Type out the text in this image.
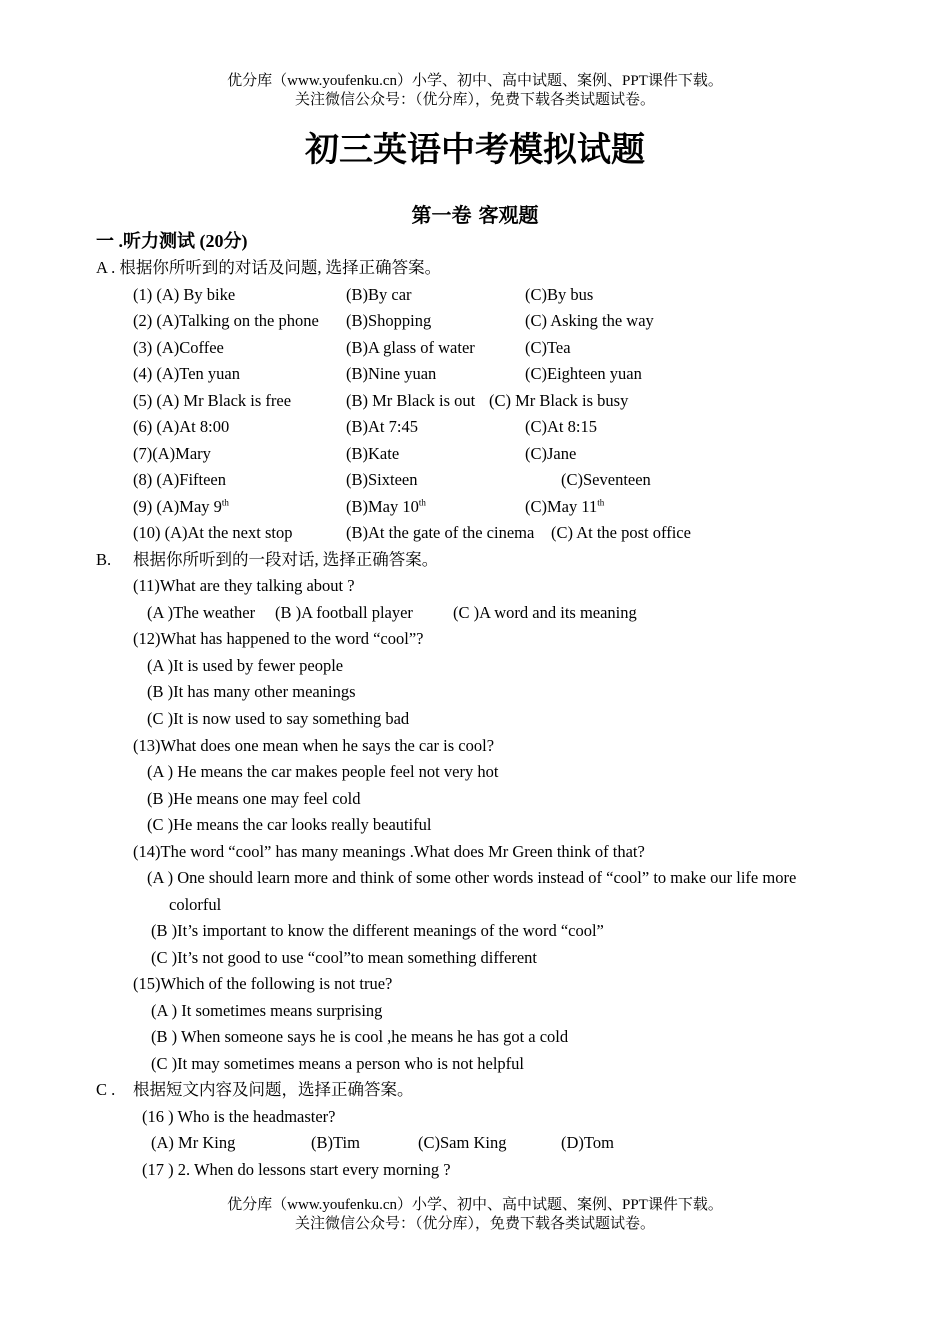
优分库（www.youfenku.cn）小学、初中、高中试题、案例、PPT课件下载。
关注微信公众号：（优分库），免费下载各类试题试卷。
初三英语中考模拟试题
第一卷 客观题
一 .听力测试 (20分)
A . 根据你所听到的对话及问题, 选择正确答案。
(1) (A) By bike	(B)By car	(C)By bus
(2) (A)Talking on the phone (B)Shopping	(C) Asking the way
(3) (A)Coffee	(B)A glass of water	(C)Tea
(4) (A)Ten yuan	(B)Nine yuan	(C)Eighteen yuan
(5) (A) Mr Black is free	(B) Mr Black is out (C) Mr Black is busy
(6) (A)At 8:00	(B)At 7:45	(C)At 8:15
(7)(A)Mary	(B)Kate	(C)Jane
(8) (A)Fifteen	(B)Sixteen	(C)Seventeen
(9) (A)May 9th	(B)May 10th	(C)May 11th
(10) (A)At the next stop	(B)At the gate of the cinema (C) At the post office
B. 根据你所听到的一段对话, 选择正确答案。
(11)What are they talking about ?
(A )The weather (B )A football player (C )A word and its meaning
(12)What has happened to the word “cool”?
(A )It is used by fewer people
(B )It has many other meanings
(C )It is now used to say something bad
(13)What does one mean when he says the car is cool?
(A ) He means the car makes people feel not very hot
(B )He means one may feel cold
(C )He means the car looks really beautiful
(14)The word “cool” has many meanings .What does Mr Green think of that?
(A ) One should learn more and think of some other words instead of “cool” to make our life more
colorful
(B )It’s important to know the different meanings of the word “cool”
(C )It’s not good to use “cool”to mean something different
(15)Which of the following is not true?
(A ) It sometimes means surprising
(B ) When someone says he is cool ,he means he has got a cold
(C )It may sometimes means a person who is not helpful
C . 根据短文内容及问题，选择正确答案。
(16 ) Who is the headmaster?
(A) Mr King	(B)Tim	(C)Sam King	(D)Tom
(17 ) 2. When do lessons start every morning ?
优分库（www.youfenku.cn）小学、初中、高中试题、案例、PPT课件下载。
关注微信公众号：（优分库），免费下载各类试题试卷。
